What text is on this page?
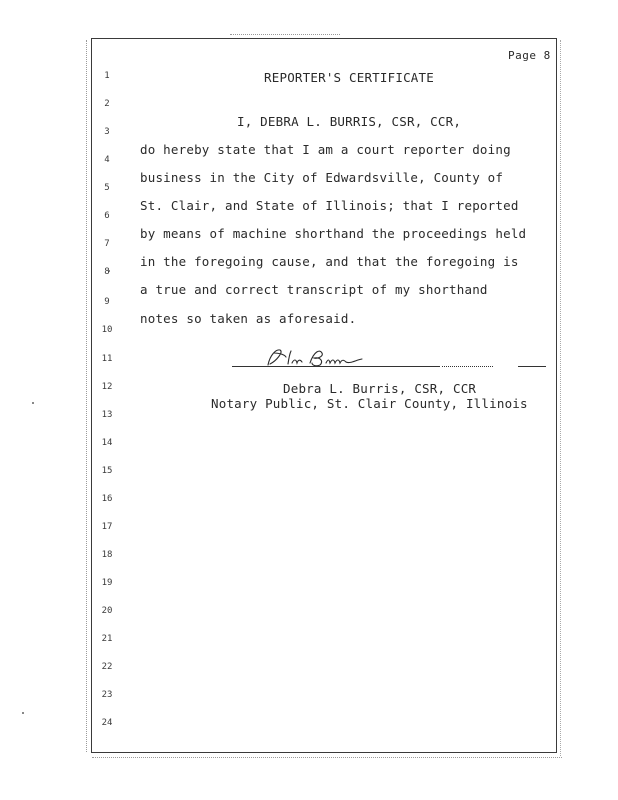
Page 8
1
2
3
4
5
6
7
8
9
10
11
12
13
14
15
16
17
18
19
20
21
22
23
24
REPORTER'S CERTIFICATE
I, DEBRA L. BURRIS, CSR, CCR,
do hereby state that I am a court reporter doing
business in the City of Edwardsville, County of
St. Clair, and State of Illinois; that I reported
by means of machine shorthand the proceedings held
in the foregoing cause, and that the foregoing is
a true and correct transcript of my shorthand
notes so taken as aforesaid.
Debra L. Burris, CSR, CCR
Notary Public, St. Clair County, Illinois
